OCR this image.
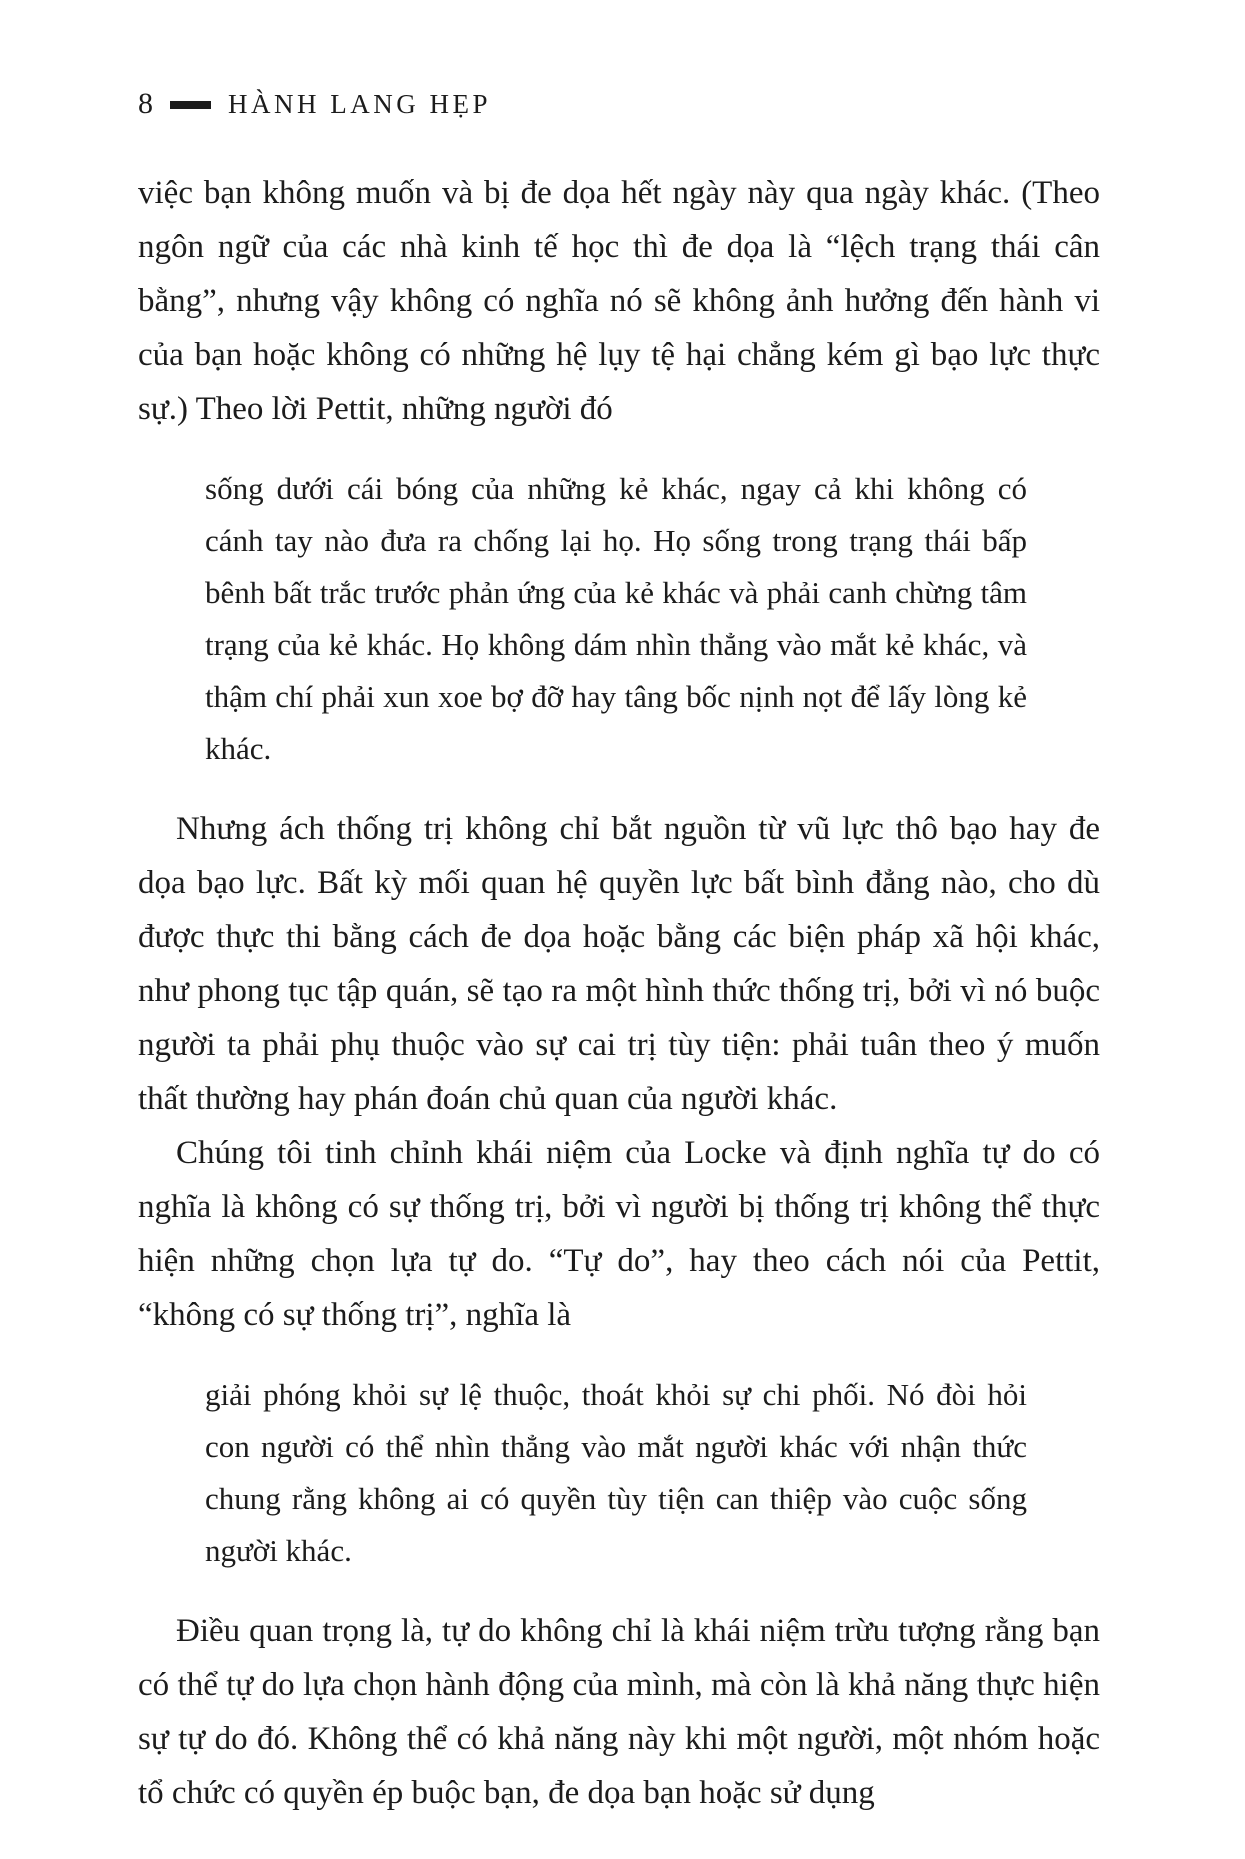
8	HÀNH LANG HẸP

việc bạn không muốn và bị đe dọa hết ngày này qua ngày khác. (Theo ngôn ngữ của các nhà kinh tế học thì đe dọa là “lệch trạng thái cân bằng”, nhưng vậy không có nghĩa nó sẽ không ảnh hưởng đến hành vi của bạn hoặc không có những hệ lụy tệ hại chẳng kém gì bạo lực thực sự.) Theo lời Pettit, những người đó

sống dưới cái bóng của những kẻ khác, ngay cả khi không có cánh tay nào đưa ra chống lại họ. Họ sống trong trạng thái bấp bênh bất trắc trước phản ứng của kẻ khác và phải canh chừng tâm trạng của kẻ khác. Họ không dám nhìn thẳng vào mắt kẻ khác, và thậm chí phải xun xoe bợ đỡ hay tâng bốc nịnh nọt để lấy lòng kẻ khác.

Nhưng ách thống trị không chỉ bắt nguồn từ vũ lực thô bạo hay đe dọa bạo lực. Bất kỳ mối quan hệ quyền lực bất bình đẳng nào, cho dù được thực thi bằng cách đe dọa hoặc bằng các biện pháp xã hội khác, như phong tục tập quán, sẽ tạo ra một hình thức thống trị, bởi vì nó buộc người ta phải phụ thuộc vào sự cai trị tùy tiện: phải tuân theo ý muốn thất thường hay phán đoán chủ quan của người khác.

Chúng tôi tinh chỉnh khái niệm của Locke và định nghĩa tự do có nghĩa là không có sự thống trị, bởi vì người bị thống trị không thể thực hiện những chọn lựa tự do. “Tự do”, hay theo cách nói của Pettit, “không có sự thống trị”, nghĩa là

giải phóng khỏi sự lệ thuộc, thoát khỏi sự chi phối. Nó đòi hỏi con người có thể nhìn thẳng vào mắt người khác với nhận thức chung rằng không ai có quyền tùy tiện can thiệp vào cuộc sống người khác.

Điều quan trọng là, tự do không chỉ là khái niệm trừu tượng rằng bạn có thể tự do lựa chọn hành động của mình, mà còn là khả năng thực hiện sự tự do đó. Không thể có khả năng này khi một người, một nhóm hoặc tổ chức có quyền ép buộc bạn, đe dọa bạn hoặc sử dụng
